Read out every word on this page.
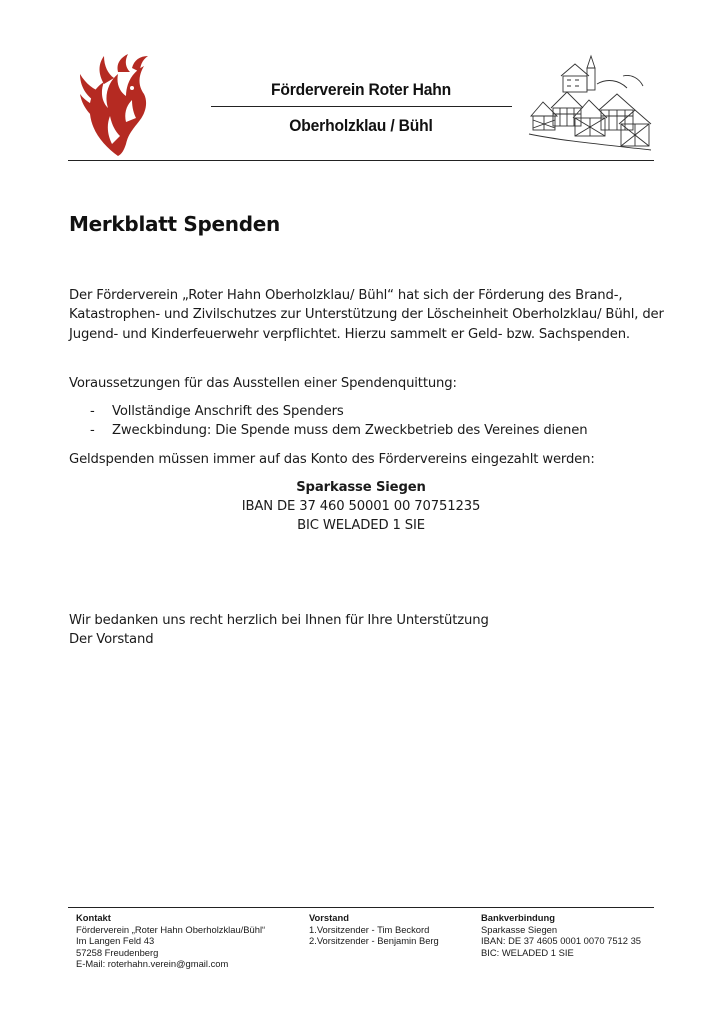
Förderverein Roter Hahn
Oberholzklau / Bühl
Merkblatt Spenden
Der Förderverein „Roter Hahn Oberholzklau/ Bühl“ hat sich der Förderung des Brand-,
Katastrophen- und Zivilschutzes zur Unterstützung der Löscheinheit Oberholzklau/ Bühl, der
Jugend- und Kinderfeuerwehr verpflichtet. Hierzu sammelt er Geld- bzw. Sachspenden.
Voraussetzungen für das Ausstellen einer Spendenquittung:
- Vollständige Anschrift des Spenders
- Zweckbindung: Die Spende muss dem Zweckbetrieb des Vereines dienen
Geldspenden müssen immer auf das Konto des Fördervereins eingezahlt werden:
Sparkasse Siegen
IBAN DE 37 460 50001 00 70751235
BIC WELADED 1 SIE
Wir bedanken uns recht herzlich bei Ihnen für Ihre Unterstützung
Der Vorstand
Kontakt
Förderverein „Roter Hahn Oberholzklau/Bühl“
Im Langen Feld 43
57258 Freudenberg
E-Mail: roterhahn.verein@gmail.com
Vorstand
1.Vorsitzender - Tim Beckord
2.Vorsitzender - Benjamin Berg
Bankverbindung
Sparkasse Siegen
IBAN: DE 37 4605 0001 0070 7512 35
BIC: WELADED 1 SIE
